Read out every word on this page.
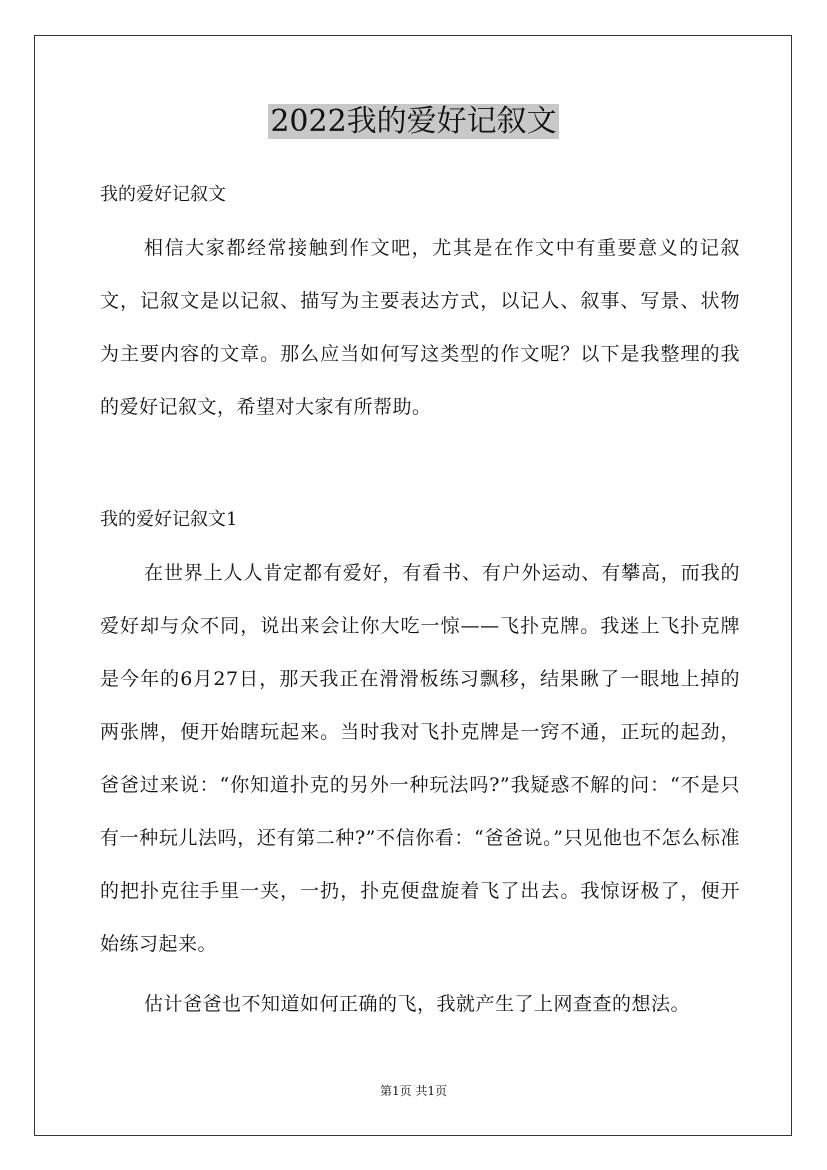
2022我的爱好记叙文

我的爱好记叙文

相信大家都经常接触到作文吧，尤其是在作文中有重要意义的记叙文，记叙文是以记叙、描写为主要表达方式，以记人、叙事、写景、状物为主要内容的文章。那么应当如何写这类型的作文呢？以下是我整理的我的爱好记叙文，希望对大家有所帮助。

我的爱好记叙文1

在世界上人人肯定都有爱好，有看书、有户外运动、有攀高，而我的爱好却与众不同，说出来会让你大吃一惊——飞扑克牌。我迷上飞扑克牌是今年的6月27日，那天我正在滑滑板练习飘移，结果瞅了一眼地上掉的两张牌，便开始瞎玩起来。当时我对飞扑克牌是一窍不通，正玩的起劲，爸爸过来说：“你知道扑克的另外一种玩法吗?”我疑惑不解的问：“不是只有一种玩儿法吗，还有第二种?”不信你看：“爸爸说。”只见他也不怎么标准的把扑克往手里一夹，一扔，扑克便盘旋着飞了出去。我惊讶极了，便开始练习起来。

估计爸爸也不知道如何正确的飞，我就产生了上网查查的想法。

第1页 共1页
